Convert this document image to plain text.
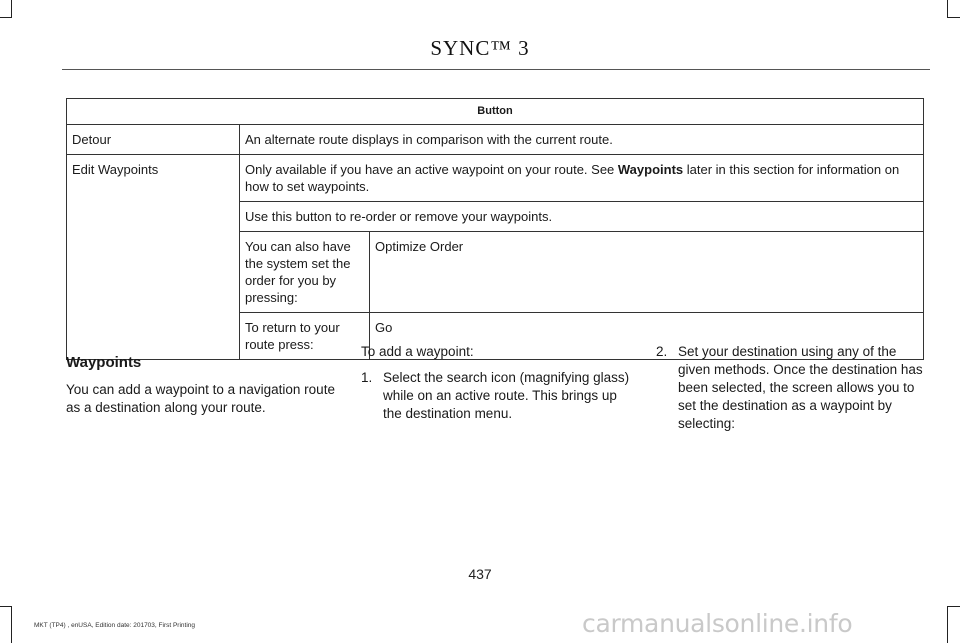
SYNC™ 3
Button		
Detour	An alternate route displays in comparison with the current route.	
Edit Waypoints	Only available if you have an active waypoint on your route. See Waypoints later in this section for information on how to set waypoints.	
	Use this button to re-order or remove your waypoints.	
	You can also have the system set the order for you by pressing:	Optimize Order
	To return to your route press:	Go
Waypoints

You can add a waypoint to a navigation route as a destination along your route.

To add a waypoint:

1. Select the search icon (magnifying glass) while on an active route. This brings up the destination menu.
2. Set your destination using any of the given methods. Once the destination has been selected, the screen allows you to set the destination as a waypoint by selecting:
437
MKT (TP4) , enUSA, Edition date: 201703, First Printing	carmanualsonline.info
